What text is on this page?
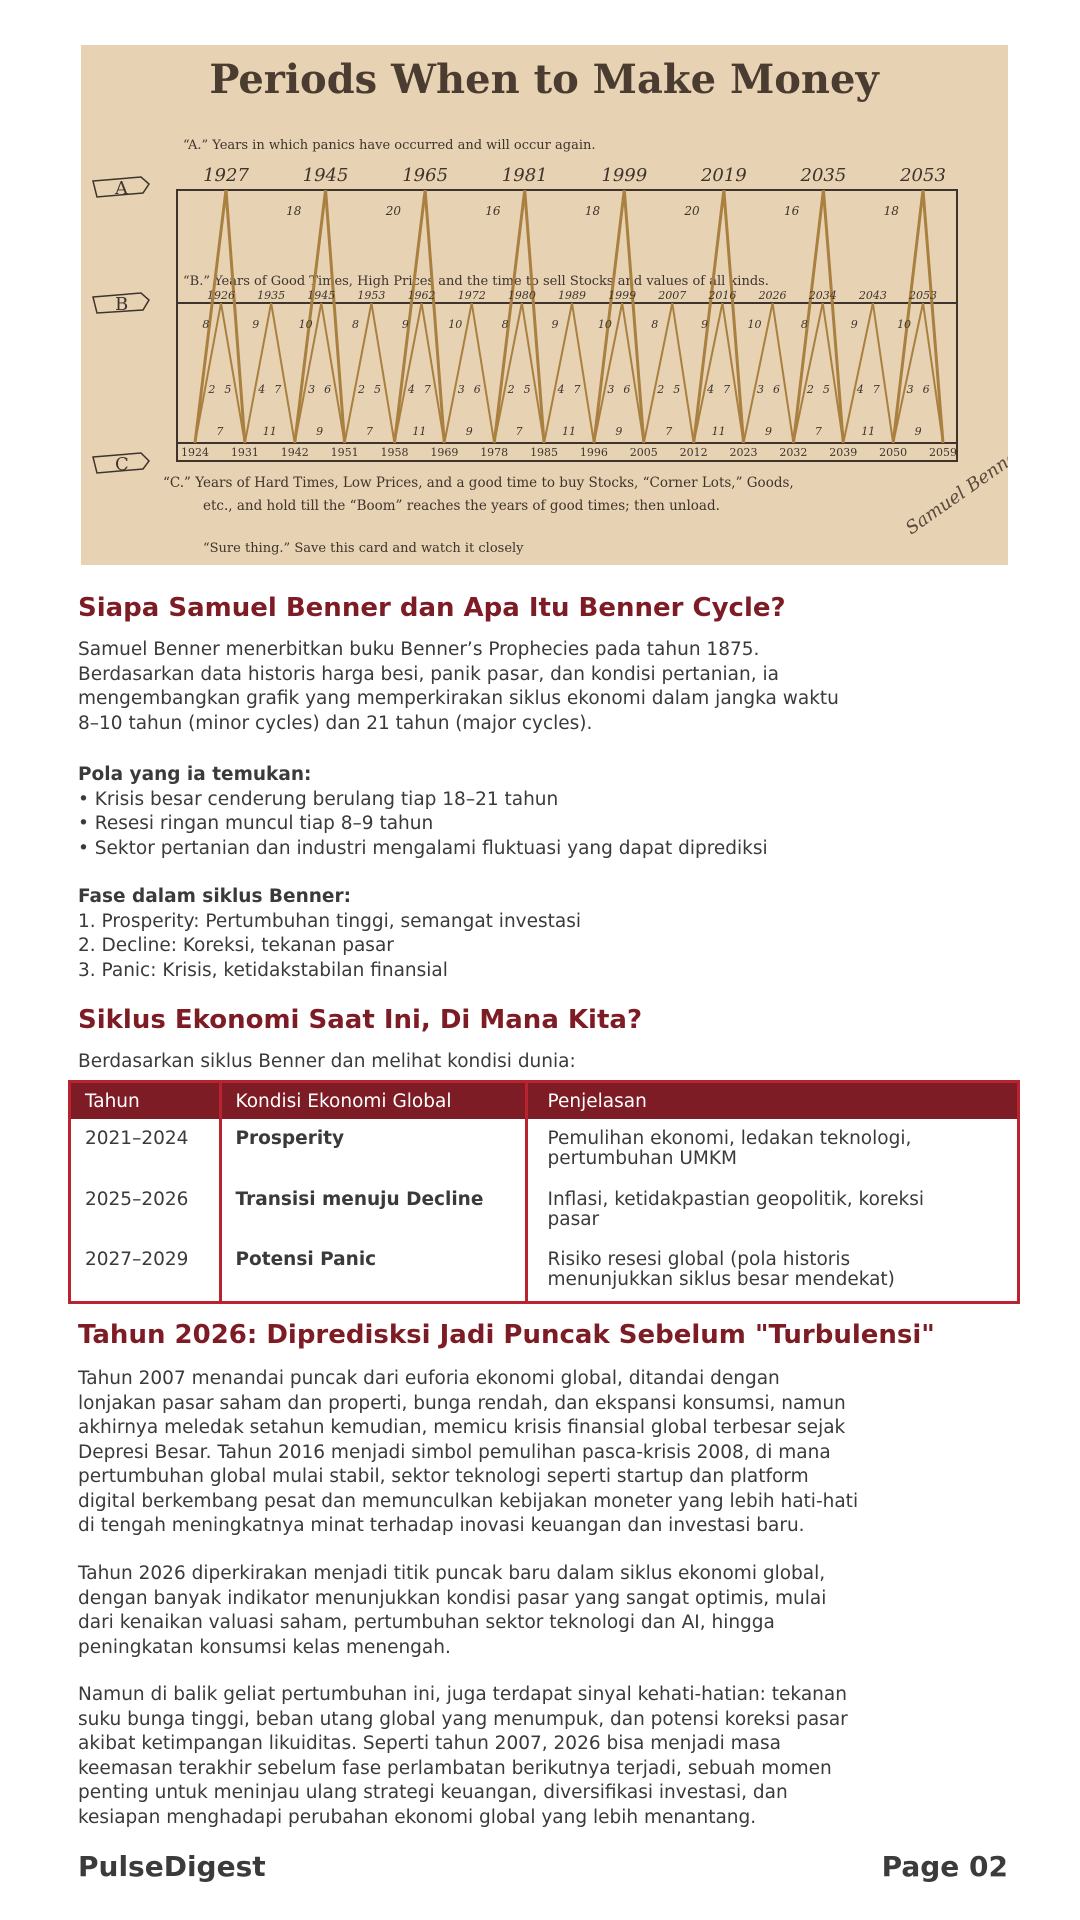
Periods When to Make Money
“A.” Years in which panics have occurred and will occur again.
“B.” Years of Good Times, High Prices and the time to sell Stocks and values of all kinds.
“C.” Years of Hard Times, Low Prices, and a good time to buy Stocks, “Corner Lots,” Goods,
etc., and hold till the “Boom” reaches the years of good times; then unload.
“Sure thing.” Save this card and watch it closely
A
B
C
1927	1945	1965	1981	1999	2019	2035	2053
18	20	16	18	20	16	18
1924 1931 1942 1951 1958 1969 1978 1985 1996 2005 2012 2023 2032 2039 2050 2059
1926 1935 1945 1953 1962 1972 1980 1989 1999 2007 2016 2026 2034 2043 2053
8	9	10	8	9	10	8	9	10	8	9	10	8	9	10
2 5 4 7 3 6 2 5 4 7 3 6 2 5 4 7 3 6 2 5 4 7 3 6 2 5 4 7 3 6
7	11	9	7	11	9	7	11	9	7	11	9	7	11	9
Siapa Samuel Benner dan Apa Itu Benner Cycle?
Samuel Benner menerbitkan buku Benner’s Prophecies pada tahun 1875.
Berdasarkan data historis harga besi, panik pasar, dan kondisi pertanian, ia
mengembangkan grafik yang memperkirakan siklus ekonomi dalam jangka waktu
8–10 tahun (minor cycles) dan 21 tahun (major cycles).
Pola yang ia temukan:
• Krisis besar cenderung berulang tiap 18–21 tahun
• Resesi ringan muncul tiap 8–9 tahun
• Sektor pertanian dan industri mengalami fluktuasi yang dapat diprediksi
Fase dalam siklus Benner:
1. Prosperity: Pertumbuhan tinggi, semangat investasi
2. Decline: Koreksi, tekanan pasar
3. Panic: Krisis, ketidakstabilan finansial
Siklus Ekonomi Saat Ini, Di Mana Kita?
Berdasarkan siklus Benner dan melihat kondisi dunia:
Tahun	Kondisi Ekonomi Global	Penjelasan
2021–2024	Prosperity	Pemulihan ekonomi, ledakan teknologi,
pertumbuhan UMKM

2025–2026	Transisi menuju Decline	Inflasi, ketidakpastian geopolitik, koreksi
pasar

2027–2029	Potensi Panic	Risiko resesi global (pola historis
menunjukkan siklus besar mendekat)
Tahun 2026: Dipredisksi Jadi Puncak Sebelum "Turbulensi"
Tahun 2007 menandai puncak dari euforia ekonomi global, ditandai dengan
lonjakan pasar saham dan properti, bunga rendah, dan ekspansi konsumsi, namun
akhirnya meledak setahun kemudian, memicu krisis finansial global terbesar sejak
Depresi Besar. Tahun 2016 menjadi simbol pemulihan pasca-krisis 2008, di mana
pertumbuhan global mulai stabil, sektor teknologi seperti startup dan platform
digital berkembang pesat dan memunculkan kebijakan moneter yang lebih hati-hati
di tengah meningkatnya minat terhadap inovasi keuangan dan investasi baru.
Tahun 2026 diperkirakan menjadi titik puncak baru dalam siklus ekonomi global,
dengan banyak indikator menunjukkan kondisi pasar yang sangat optimis, mulai
dari kenaikan valuasi saham, pertumbuhan sektor teknologi dan AI, hingga
peningkatan konsumsi kelas menengah.
Namun di balik geliat pertumbuhan ini, juga terdapat sinyal kehati-hatian: tekanan
suku bunga tinggi, beban utang global yang menumpuk, dan potensi koreksi pasar
akibat ketimpangan likuiditas. Seperti tahun 2007, 2026 bisa menjadi masa
keemasan terakhir sebelum fase perlambatan berikutnya terjadi, sebuah momen
penting untuk meninjau ulang strategi keuangan, diversifikasi investasi, dan
kesiapan menghadapi perubahan ekonomi global yang lebih menantang.
PulseDigest	Page 02
